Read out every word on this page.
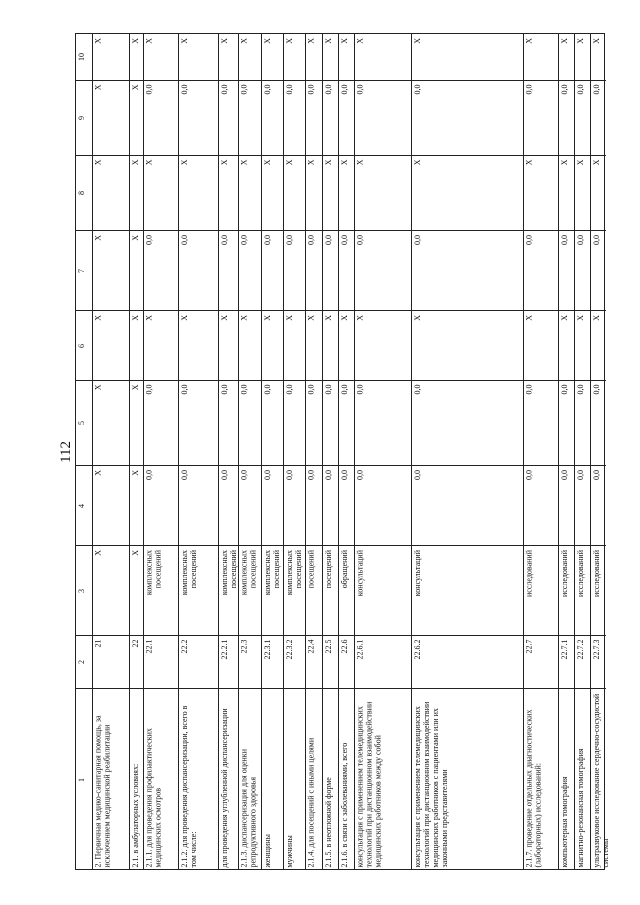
112
10
9
8
7
6
5
4
3
2
1
Х
Х
Х
Х
Х
Х
Х
Х
21
2. Первичная медико-санитарная помощь, за исключением медицинской реабилитации
Х
Х
Х
Х
Х
Х
Х
Х
22
2.1. в амбулаторных условиях:
Х
0,0
Х
0,0
Х
0,0
0,0
комплексных посещений
22.1
2.1.1. для проведения профилактических медицинских осмотров
Х
0,0
Х
0,0
Х
0,0
0,0
комплексных посещений
22.2
2.1.2. для проведения диспансеризации, всего в том числе:
Х
0,0
Х
0,0
Х
0,0
0,0
комплексных посещений
22.2.1
для проведения углубленной диспансеризации
Х
0,0
Х
0,0
Х
0,0
0,0
комплексных посещений
22.3
2.1.3. диспансеризация для оценки репродуктивного здоровья
Х
0,0
Х
0,0
Х
0,0
0,0
комплексных посещений
22.3.1
женщины
Х
0,0
Х
0,0
Х
0,0
0,0
комплексных посещений
22.3.2
мужчины
Х
0,0
Х
0,0
Х
0,0
0,0
посещений
22.4
2.1.4. для посещений с иными целями
Х
0,0
Х
0,0
Х
0,0
0,0
посещений
22.5
2.1.5. в неотложной форме
Х
0,0
Х
0,0
Х
0,0
0,0
обращений
22.6
2.1.6. в связи с заболеваниями, всего
Х
0,0
Х
0,0
Х
0,0
0,0
консультаций
22.6.1
консультация с применением телемедицинских технологий при дистанционном взаимодействии медицинских работников между собой
Х
0,0
Х
0,0
Х
0,0
0,0
консультаций
22.6.2
консультация с применением телемедицинских технологий при дистанционном взаимодействии медицинских работников с пациентами или их законными представителями
Х
0,0
Х
0,0
Х
0,0
0,0
исследований
22.7
2.1.7. проведение отдельных диагностических (лабораторных) исследований:
Х
0,0
Х
0,0
Х
0,0
0,0
исследований
22.7.1
компьютерная томография
Х
0,0
Х
0,0
Х
0,0
0,0
исследований
22.7.2
магнитно-резонансная томография
Х
0,0
Х
0,0
Х
0,0
0,0
исследований
22.7.3
ультразвуковое исследование сердечно-сосудистой системы
